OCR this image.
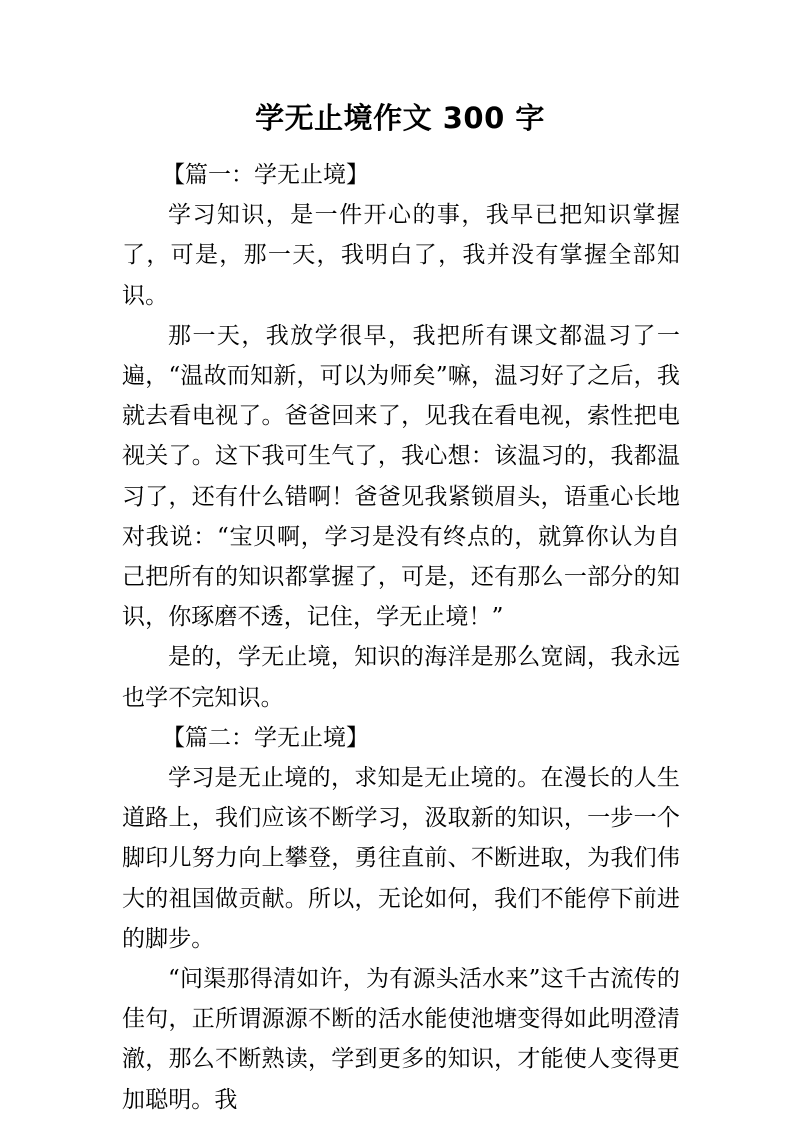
学无止境作文 300 字

【篇一：学无止境】

学习知识，是一件开心的事，我早已把知识掌握了，可是，那一天，我明白了，我并没有掌握全部知识。

那一天，我放学很早，我把所有课文都温习了一遍，“温故而知新，可以为师矣”嘛，温习好了之后，我就去看电视了。爸爸回来了，见我在看电视，索性把电视关了。这下我可生气了，我心想：该温习的，我都温习了，还有什么错啊！爸爸见我紧锁眉头，语重心长地对我说：“宝贝啊，学习是没有终点的，就算你认为自己把所有的知识都掌握了，可是，还有那么一部分的知识，你琢磨不透，记住，学无止境！”

是的，学无止境，知识的海洋是那么宽阔，我永远也学不完知识。

【篇二：学无止境】

学习是无止境的，求知是无止境的。在漫长的人生道路上，我们应该不断学习，汲取新的知识，一步一个脚印儿努力向上攀登，勇往直前、不断进取，为我们伟大的祖国做贡献。所以，无论如何，我们不能停下前进的脚步。

“问渠那得清如许，为有源头活水来”这千古流传的佳句，正所谓源源不断的活水能使池塘变得如此明澄清澈，那么不断熟读，学到更多的知识，才能使人变得更加聪明。我
